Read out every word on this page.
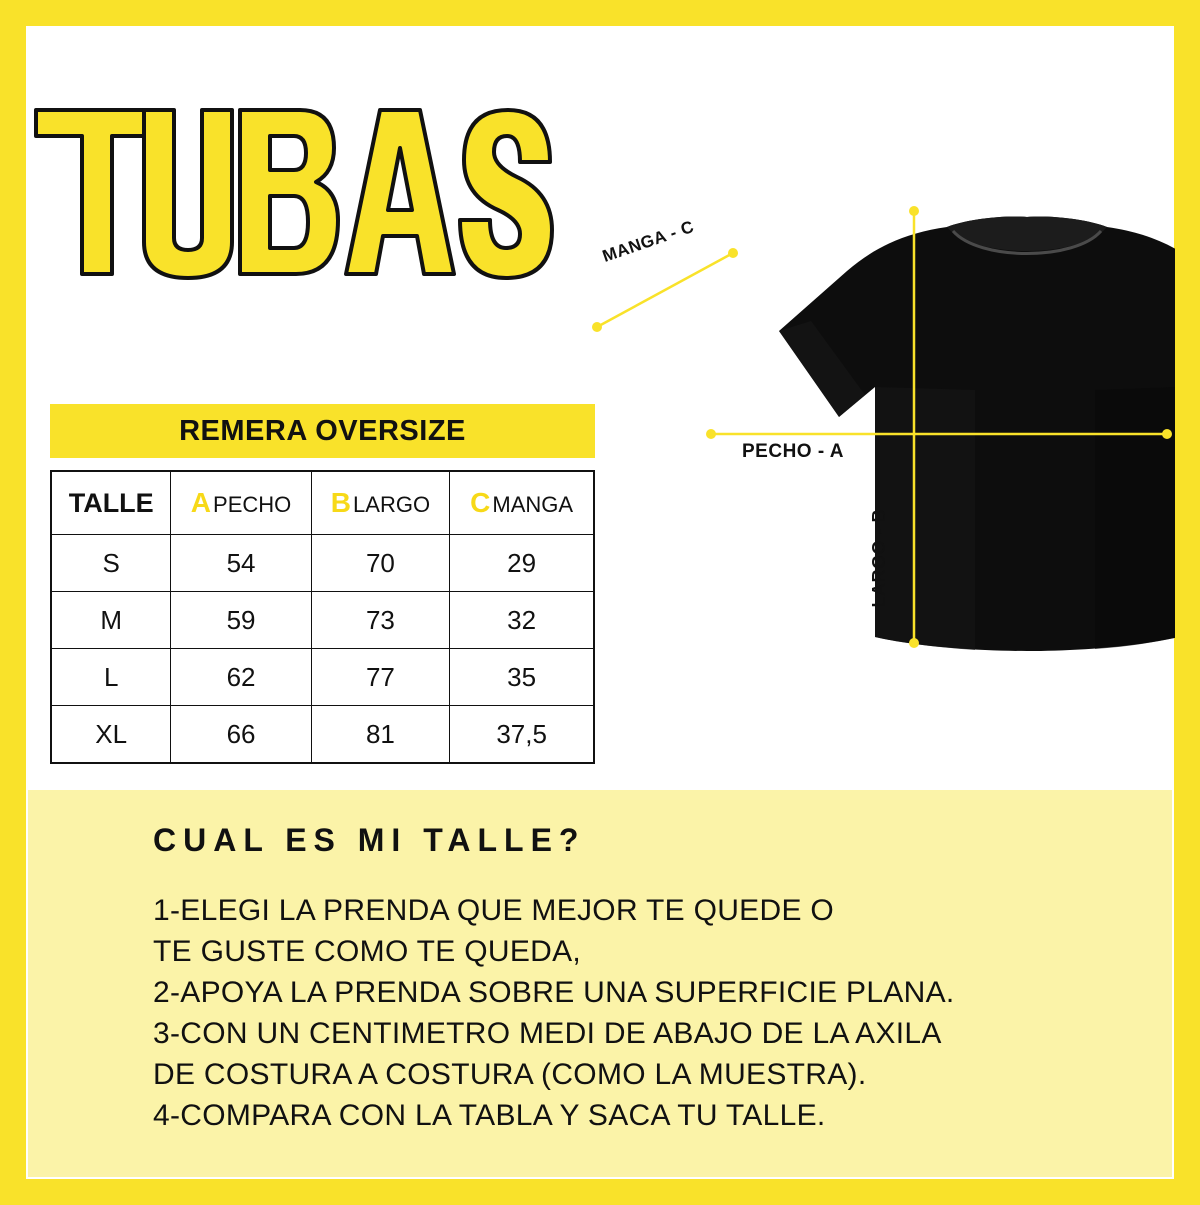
PECHO - A
MANGA - C
LARGO - B
REMERA OVERSIZE
TALLE	APECHO	BLARGO	CMANGA
S	54	70	29
M	59	73	32
L	62	77	35
XL	66	81	37,5
CUAL ES MI TALLE?
1-ELEGI LA PRENDA QUE MEJOR TE QUEDE O
TE GUSTE COMO TE QUEDA,
2-APOYA LA PRENDA SOBRE UNA SUPERFICIE PLANA.
3-CON UN CENTIMETRO MEDI DE ABAJO DE LA AXILA
DE COSTURA A COSTURA (COMO LA MUESTRA).
4-COMPARA CON LA TABLA Y SACA TU TALLE.
